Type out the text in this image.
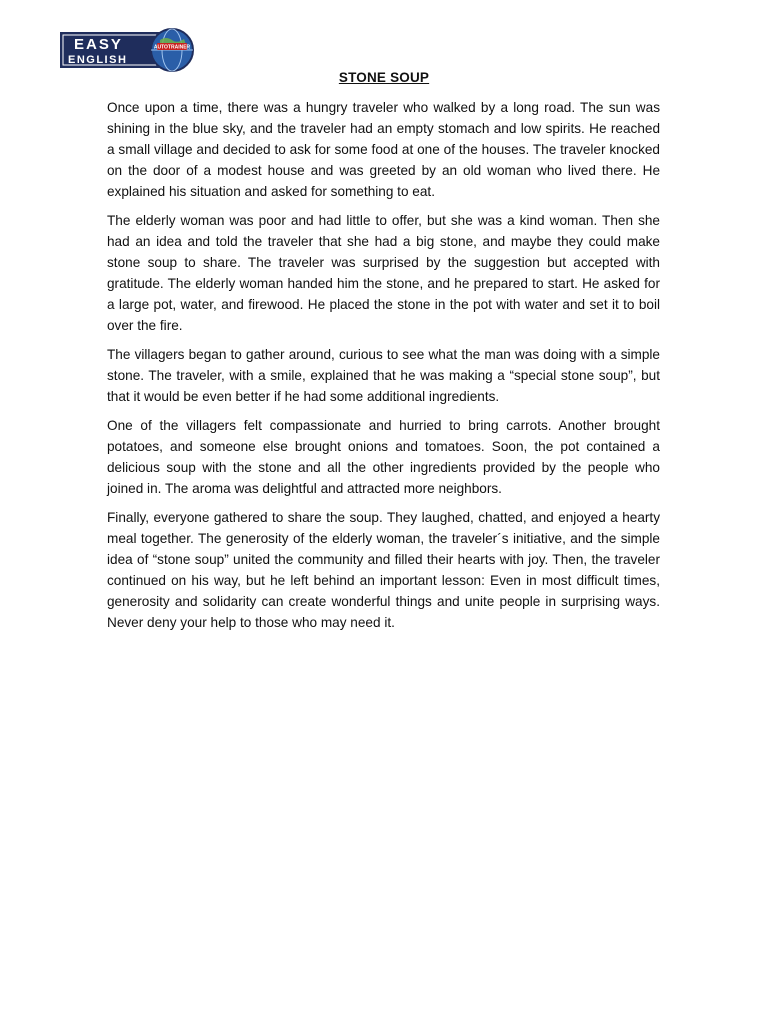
EASY
ENGLISH
AUTOTRAINER
STONE SOUP

Once upon a time, there was a hungry traveler who walked by a long road. The sun was shining in the blue sky, and the traveler had an empty stomach and low spirits. He reached a small village and decided to ask for some food at one of the houses. The traveler knocked on the door of a modest house and was greeted by an old woman who lived there. He explained his situation and asked for something to eat.

The elderly woman was poor and had little to offer, but she was a kind woman. Then she had an idea and told the traveler that she had a big stone, and maybe they could make stone soup to share. The traveler was surprised by the suggestion but accepted with gratitude. The elderly woman handed him the stone, and he prepared to start. He asked for a large pot, water, and firewood. He placed the stone in the pot with water and set it to boil over the fire.

The villagers began to gather around, curious to see what the man was doing with a simple stone. The traveler, with a smile, explained that he was making a “special stone soup”, but that it would be even better if he had some additional ingredients.

One of the villagers felt compassionate and hurried to bring carrots. Another brought potatoes, and someone else brought onions and tomatoes. Soon, the pot contained a delicious soup with the stone and all the other ingredients provided by the people who joined in. The aroma was delightful and attracted more neighbors.

Finally, everyone gathered to share the soup. They laughed, chatted, and enjoyed a hearty meal together. The generosity of the elderly woman, the traveler´s initiative, and the simple idea of “stone soup” united the community and filled their hearts with joy. Then, the traveler continued on his way, but he left behind an important lesson: Even in most difficult times, generosity and solidarity can create wonderful things and unite people in surprising ways. Never deny your help to those who may need it.
